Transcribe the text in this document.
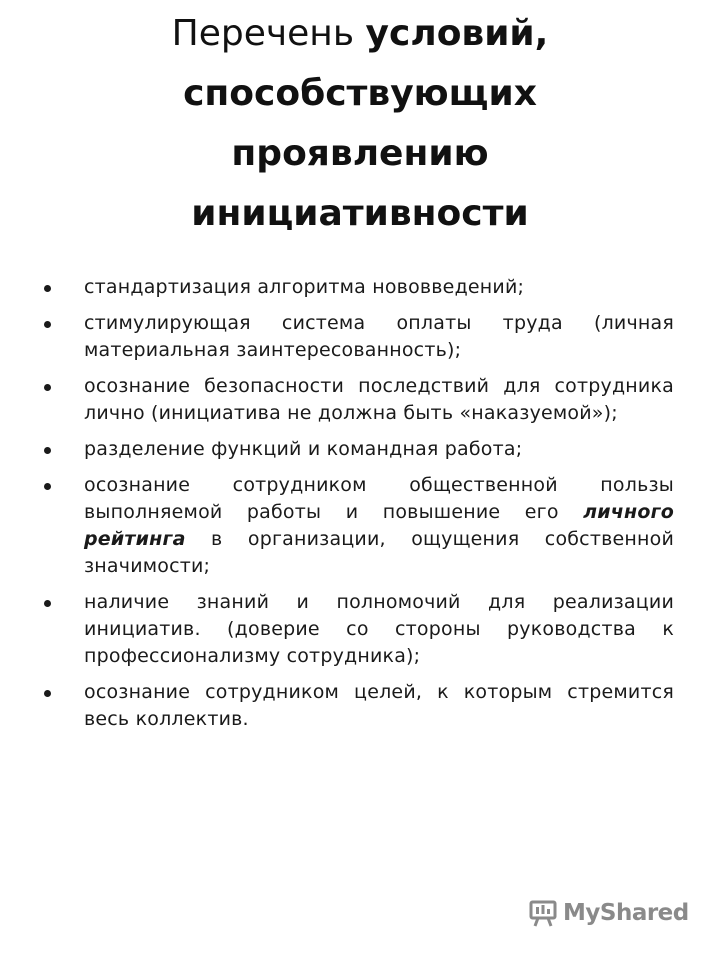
Перечень условий,
способствующих
проявлению
инициативности
стандартизация алгоритма нововведений;
стимулирующая система оплаты труда (личная материальная заинтересованность);
осознание безопасности последствий для сотрудника лично (инициатива не должна быть «наказуемой»);
разделение функций и командная работа;
осознание сотрудником общественной пользы выполняемой работы и повышение его личного рейтинга в организации, ощущения собственной значимости;
наличие знаний и полномочий для реализации инициатив. (доверие со стороны руководства к профессионализму сотрудника);
осознание сотрудником целей, к которым стремится весь коллектив.
MyShared
